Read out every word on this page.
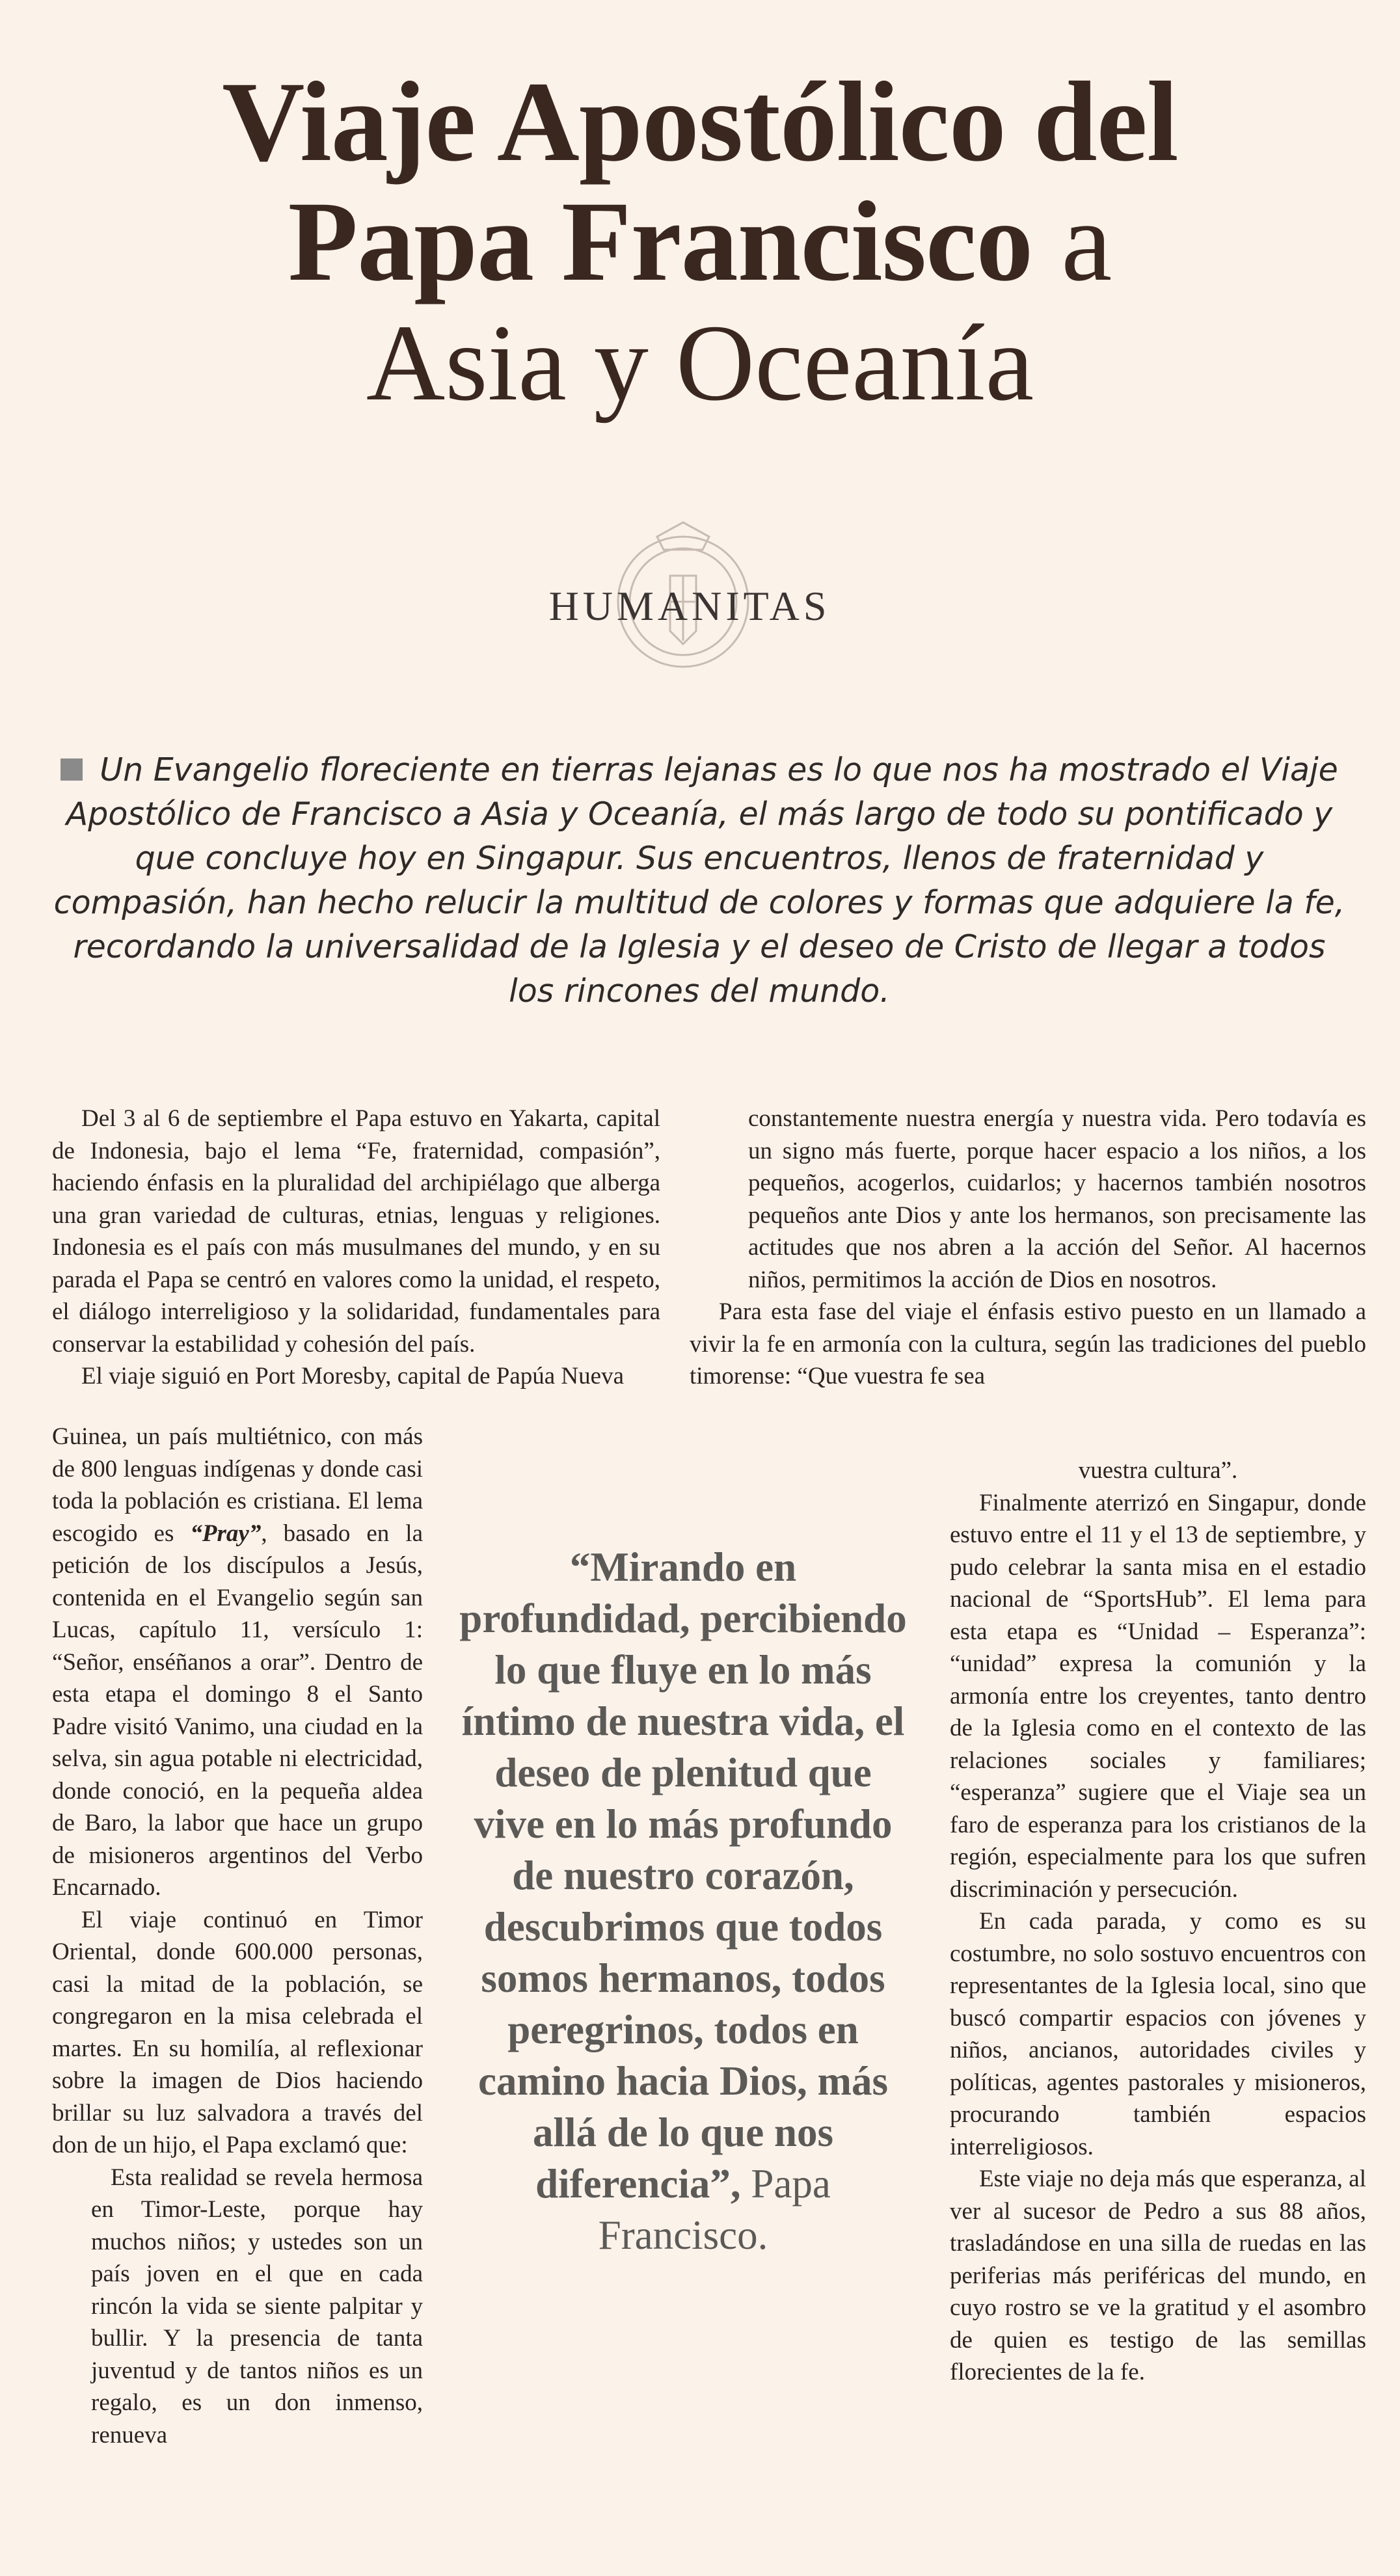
Viaje Apostólico del
Papa Francisco a
Asia y Oceanía
HUMANITAS
Un Evangelio floreciente en tierras lejanas es lo que nos ha mostrado el Viaje Apostólico de Francisco a Asia y Oceanía, el más largo de todo su pontificado y que concluye hoy en Singapur. Sus encuentros, llenos de fraternidad y compasión, han hecho relucir la multitud de colores y formas que adquiere la fe, recordando la universalidad de la Iglesia y el deseo de Cristo de llegar a todos los rincones del mundo.

Del 3 al 6 de septiembre el Papa estuvo en Yakarta, capital de Indonesia, bajo el lema “Fe, fraternidad, compasión”, haciendo énfasis en la pluralidad del archipiélago que alberga una gran variedad de culturas, etnias, lenguas y religiones. Indonesia es el país con más musulmanes del mundo, y en su parada el Papa se centró en valores como la unidad, el respeto, el diálogo interreligioso y la solidaridad, fundamentales para conservar la estabilidad y cohesión del país.

El viaje siguió en Port Moresby, capital de Papúa Nueva

Guinea, un país multiétnico, con más de 800 lenguas indígenas y donde casi toda la población es cristiana. El lema escogido es “Pray”, basado en la petición de los discípulos a Jesús, contenida en el Evangelio según san Lucas, capítulo 11, versículo 1: “Señor, enséñanos a orar”. Dentro de esta etapa el domingo 8 el Santo Padre visitó Vanimo, una ciudad en la selva, sin agua potable ni electricidad, donde conoció, en la pequeña aldea de Baro, la labor que hace un grupo de misioneros argentinos del Verbo Encarnado.

El viaje continuó en Timor Oriental, donde 600.000 personas, casi la mitad de la población, se congregaron en la misa celebrada el martes. En su homilía, al reflexionar sobre la imagen de Dios haciendo brillar su luz salvadora a través del don de un hijo, el Papa exclamó que:

Esta realidad se revela hermosa en Timor-Leste, porque hay muchos niños; y ustedes son un país joven en el que en cada rincón la vida se siente palpitar y bullir. Y la presencia de tanta juventud y de tantos niños es un regalo, es un don inmenso, renueva

constantemente nuestra energía y nuestra vida. Pero todavía es un signo más fuerte, porque hacer espacio a los niños, a los pequeños, acogerlos, cuidarlos; y hacernos también nosotros pequeños ante Dios y ante los hermanos, son precisamente las actitudes que nos abren a la acción del Señor. Al hacernos niños, permitimos la acción de Dios en nosotros.

Para esta fase del viaje el énfasis estivo puesto en un llamado a vivir la fe en armonía con la cultura, según las tradiciones del pueblo timorense: “Que vuestra fe sea

vuestra cultura”.

Finalmente aterrizó en Singapur, donde estuvo entre el 11 y el 13 de septiembre, y pudo celebrar la santa misa en el estadio nacional de “SportsHub”. El lema para esta etapa es “Unidad – Esperanza”: “unidad” expresa la comunión y la armonía entre los creyentes, tanto dentro de la Iglesia como en el contexto de las relaciones sociales y familiares; “esperanza” sugiere que el Viaje sea un faro de esperanza para los cristianos de la región, especialmente para los que sufren discriminación y persecución.

En cada parada, y como es su costumbre, no solo sostuvo encuentros con representantes de la Iglesia local, sino que buscó compartir espacios con jóvenes y niños, ancianos, autoridades civiles y políticas, agentes pastorales y misioneros, procurando también espacios interreligiosos.

Este viaje no deja más que esperanza, al ver al sucesor de Pedro a sus 88 años, trasladándose en una silla de ruedas en las periferias más periféricas del mundo, en cuyo rostro se ve la gratitud y el asombro de quien es testigo de las semillas florecientes de la fe.

“Mirando en profundidad, percibiendo lo que fluye en lo más íntimo de nuestra vida, el deseo de plenitud que vive en lo más profundo de nuestro corazón, descubrimos que todos somos hermanos, todos peregrinos, todos en camino hacia Dios, más allá de lo que nos diferencia”, Papa Francisco.
